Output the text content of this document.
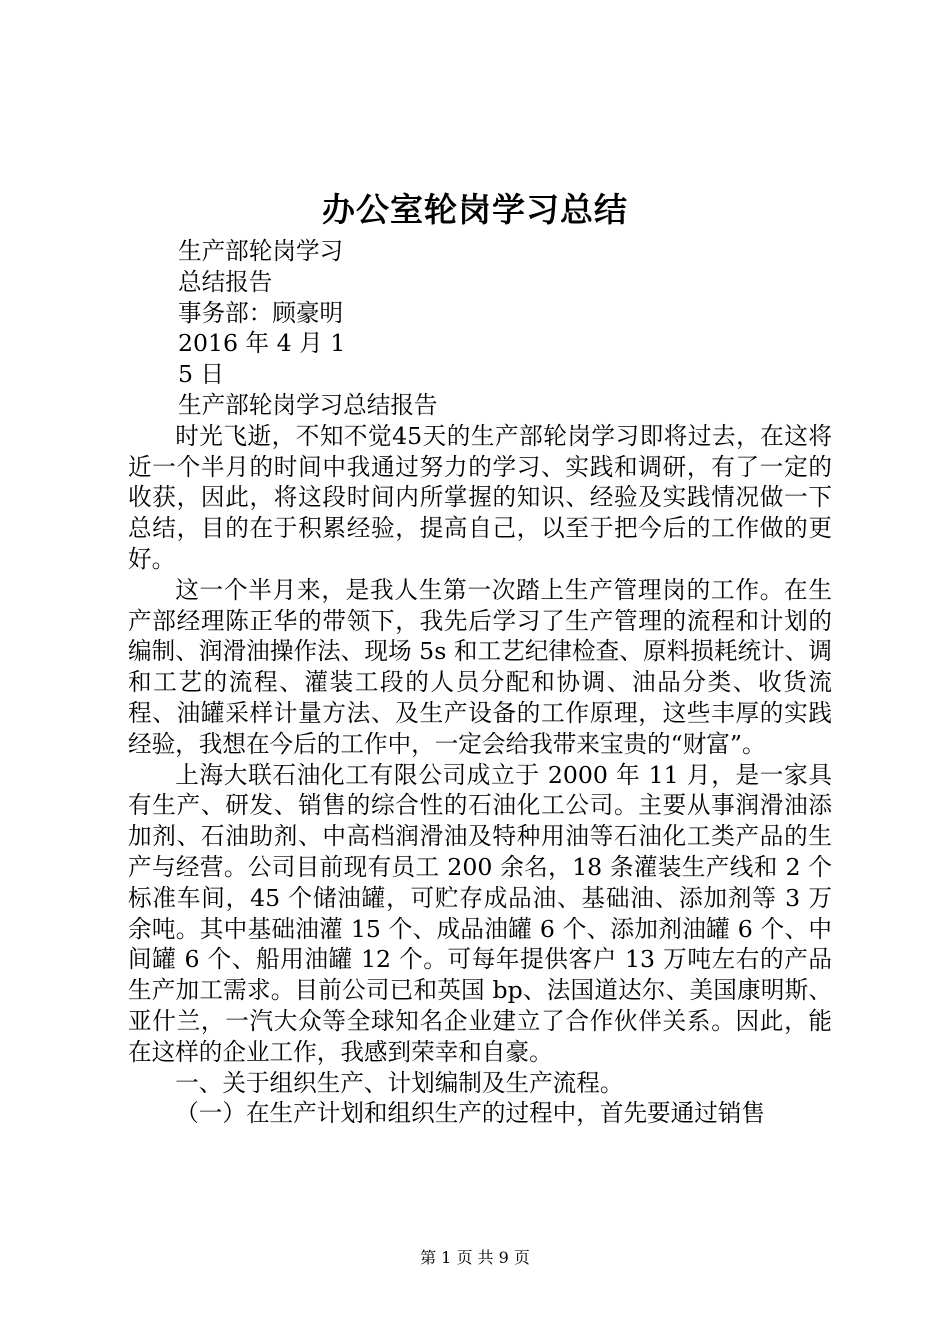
办公室轮岗学习总结

生产部轮岗学习

总结报告

事务部：顾豪明

2016 年 4 月 1

5 日

生产部轮岗学习总结报告

时光飞逝，不知不觉45天的生产部轮岗学习即将过去，在这将近一个半月的时间中我通过努力的学习、实践和调研，有了一定的收获，因此，将这段时间内所掌握的知识、经验及实践情况做一下总结，目的在于积累经验，提高自己，以至于把今后的工作做的更好。

这一个半月来，是我人生第一次踏上生产管理岗的工作。在生产部经理陈正华的带领下，我先后学习了生产管理的流程和计划的编制、润滑油操作法、现场 5s 和工艺纪律检查、原料损耗统计、调和工艺的流程、灌装工段的人员分配和协调、油品分类、收货流程、油罐采样计量方法、及生产设备的工作原理，这些丰厚的实践经验，我想在今后的工作中，一定会给我带来宝贵的“财富”。

上海大联石油化工有限公司成立于 2000 年 11 月，是一家具有生产、研发、销售的综合性的石油化工公司。主要从事润滑油添加剂、石油助剂、中高档润滑油及特种用油等石油化工类产品的生产与经营。公司目前现有员工 200 余名，18 条灌装生产线和 2 个标准车间，45 个储油罐，可贮存成品油、基础油、添加剂等 3 万余吨。其中基础油灌 15 个、成品油罐 6 个、添加剂油罐 6 个、中间罐 6 个、船用油罐 12 个。可每年提供客户 13 万吨左右的产品生产加工需求。目前公司已和英国 bp、法国道达尔、美国康明斯、亚什兰，一汽大众等全球知名企业建立了合作伙伴关系。因此，能在这样的企业工作，我感到荣幸和自豪。

一、关于组织生产、计划编制及生产流程。

（一）在生产计划和组织生产的过程中，首先要通过销售

第 1 页 共 9 页
